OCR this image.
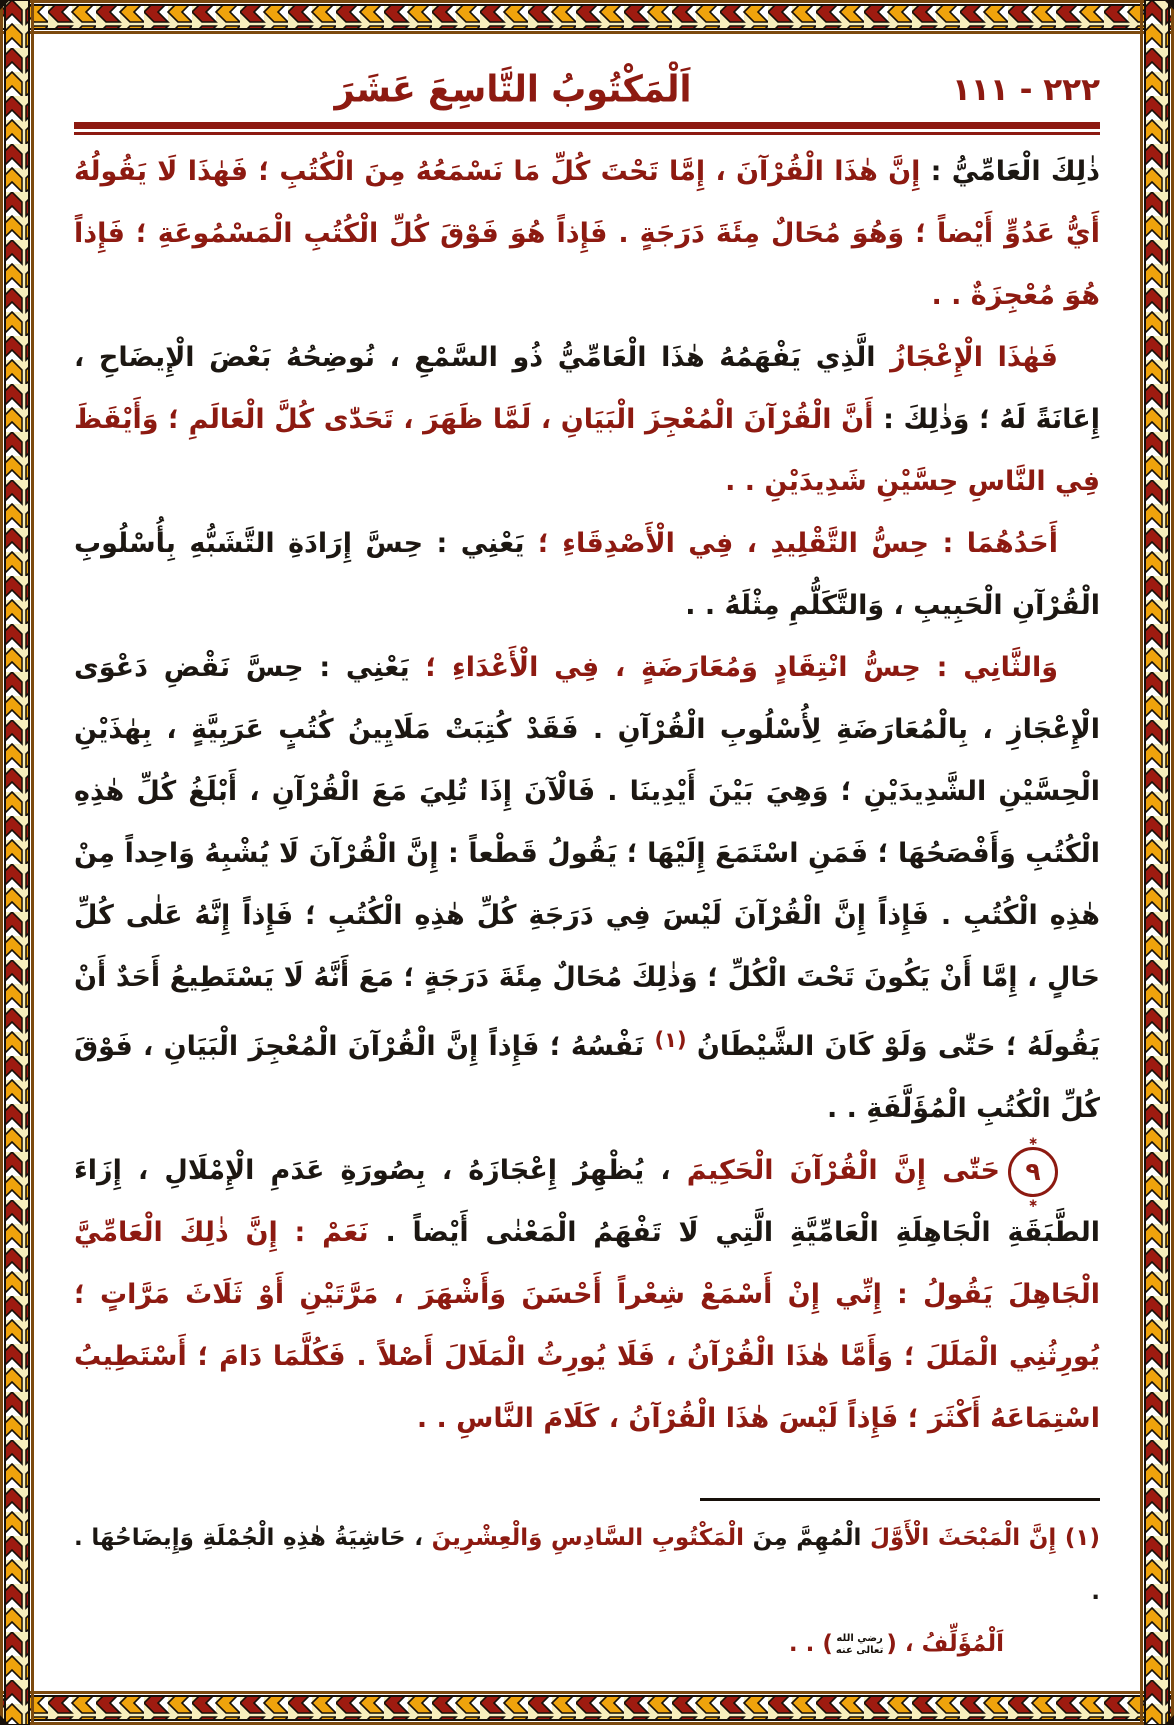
٢٢٢ - ١١١
اَلْمَكْتُوبُ التَّاسِعَ عَشَرَ

ذٰلِكَ الْعَامِّيُّ : إِنَّ هٰذَا الْقُرْآنَ ، إِمَّا تَحْتَ كُلِّ مَا نَسْمَعُهُ مِنَ الْكُتُبِ ؛ فَهٰذَا لَا يَقُولُهُ أَيُّ عَدُوٍّ أَيْضاً ؛ وَهُوَ مُحَالٌ مِئَةَ دَرَجَةٍ . فَإِذاً هُوَ فَوْقَ كُلِّ الْكُتُبِ الْمَسْمُوعَةِ ؛ فَإِذاً هُوَ مُعْجِزَةٌ . .

فَهٰذَا الْإِعْجَازُ الَّذِي يَفْهَمُهُ هٰذَا الْعَامِّيُّ ذُو السَّمْعِ ، نُوضِحُهُ بَعْضَ الْإِيضَاحِ ، إِعَانَةً لَهُ ؛ وَذٰلِكَ : أَنَّ الْقُرْآنَ الْمُعْجِزَ الْبَيَانِ ، لَمَّا ظَهَرَ ، تَحَدّٰى كُلَّ الْعَالَمِ ؛ وَأَيْقَظَ فِي النَّاسِ حِسَّيْنِ شَدِيدَيْنِ . .

أَحَدُهُمَا : حِسُّ التَّقْلِيدِ ، فِي الْأَصْدِقَاءِ ؛ يَعْنِي : حِسَّ إِرَادَةِ التَّشَبُّهِ بِأُسْلُوبِ الْقُرْآنِ الْحَبِيبِ ، وَالتَّكَلُّمِ مِثْلَهُ . .

وَالثَّانِي : حِسُّ انْتِقَادٍ وَمُعَارَضَةٍ ، فِي الْأَعْدَاءِ ؛ يَعْنِي : حِسَّ نَقْضِ دَعْوَى الْإِعْجَازِ ، بِالْمُعَارَضَةِ لِأُسْلُوبِ الْقُرْآنِ . فَقَدْ كُتِبَتْ مَلَايِينُ كُتُبٍ عَرَبِيَّةٍ ، بِهٰذَيْنِ الْحِسَّيْنِ الشَّدِيدَيْنِ ؛ وَهِيَ بَيْنَ أَيْدِينَا . فَالْآنَ إِذَا تُلِيَ مَعَ الْقُرْآنِ ، أَبْلَغُ كُلِّ هٰذِهِ الْكُتُبِ وَأَفْصَحُهَا ؛ فَمَنِ اسْتَمَعَ إِلَيْهَا ؛ يَقُولُ قَطْعاً : إِنَّ الْقُرْآنَ لَا يُشْبِهُ وَاحِداً مِنْ هٰذِهِ الْكُتُبِ . فَإِذاً إِنَّ الْقُرْآنَ لَيْسَ فِي دَرَجَةِ كُلِّ هٰذِهِ الْكُتُبِ ؛ فَإِذاً إِنَّهُ عَلٰى كُلِّ حَالٍ ، إِمَّا أَنْ يَكُونَ تَحْتَ الْكُلِّ ؛ وَذٰلِكَ مُحَالٌ مِئَةَ دَرَجَةٍ ؛ مَعَ أَنَّهُ لَا يَسْتَطِيعُ أَحَدٌ أَنْ يَقُولَهُ ؛ حَتّٰى وَلَوْ كَانَ الشَّيْطَانُ $^{(١)}$ نَفْسُهُ ؛ فَإِذاً إِنَّ الْقُرْآنَ الْمُعْجِزَ الْبَيَانِ ، فَوْقَ كُلِّ الْكُتُبِ الْمُؤَلَّفَةِ . .

∗
٩
∗
حَتّٰى إِنَّ الْقُرْآنَ الْحَكِيمَ ، يُظْهِرُ إِعْجَازَهُ ، بِصُورَةِ عَدَمِ الْإِمْلَالِ ، إِزَاءَ الطَّبَقَةِ الْجَاهِلَةِ الْعَامِّيَّةِ الَّتِي لَا تَفْهَمُ الْمَعْنٰى أَيْضاً . نَعَمْ : إِنَّ ذٰلِكَ الْعَامِّيَّ الْجَاهِلَ يَقُولُ : إِنِّي إِنْ أَسْمَعْ شِعْراً أَحْسَنَ وَأَشْهَرَ ، مَرَّتَيْنِ أَوْ ثَلَاثَ مَرَّاتٍ ؛ يُورِثُنِي الْمَلَلَ ؛ وَأَمَّا هٰذَا الْقُرْآنُ ، فَلَا يُورِثُ الْمَلَالَ أَصْلاً . فَكُلَّمَا دَامَ ؛ أَسْتَطِيبُ اسْتِمَاعَهُ أَكْثَرَ ؛ فَإِذاً لَيْسَ هٰذَا الْقُرْآنُ ، كَلَامَ النَّاسِ . .

(١) إِنَّ الْمَبْحَثَ الْأَوَّلَ الْمُهِمَّ مِنَ الْمَكْتُوبِ السَّادِسِ وَالْعِشْرِينَ ، حَاشِيَةُ هٰذِهِ الْجُمْلَةِ وَإِيضَاحُهَا . .
اَلْمُؤَلِّفُ ، (
رضي الله
تعالى عنه
) . .
